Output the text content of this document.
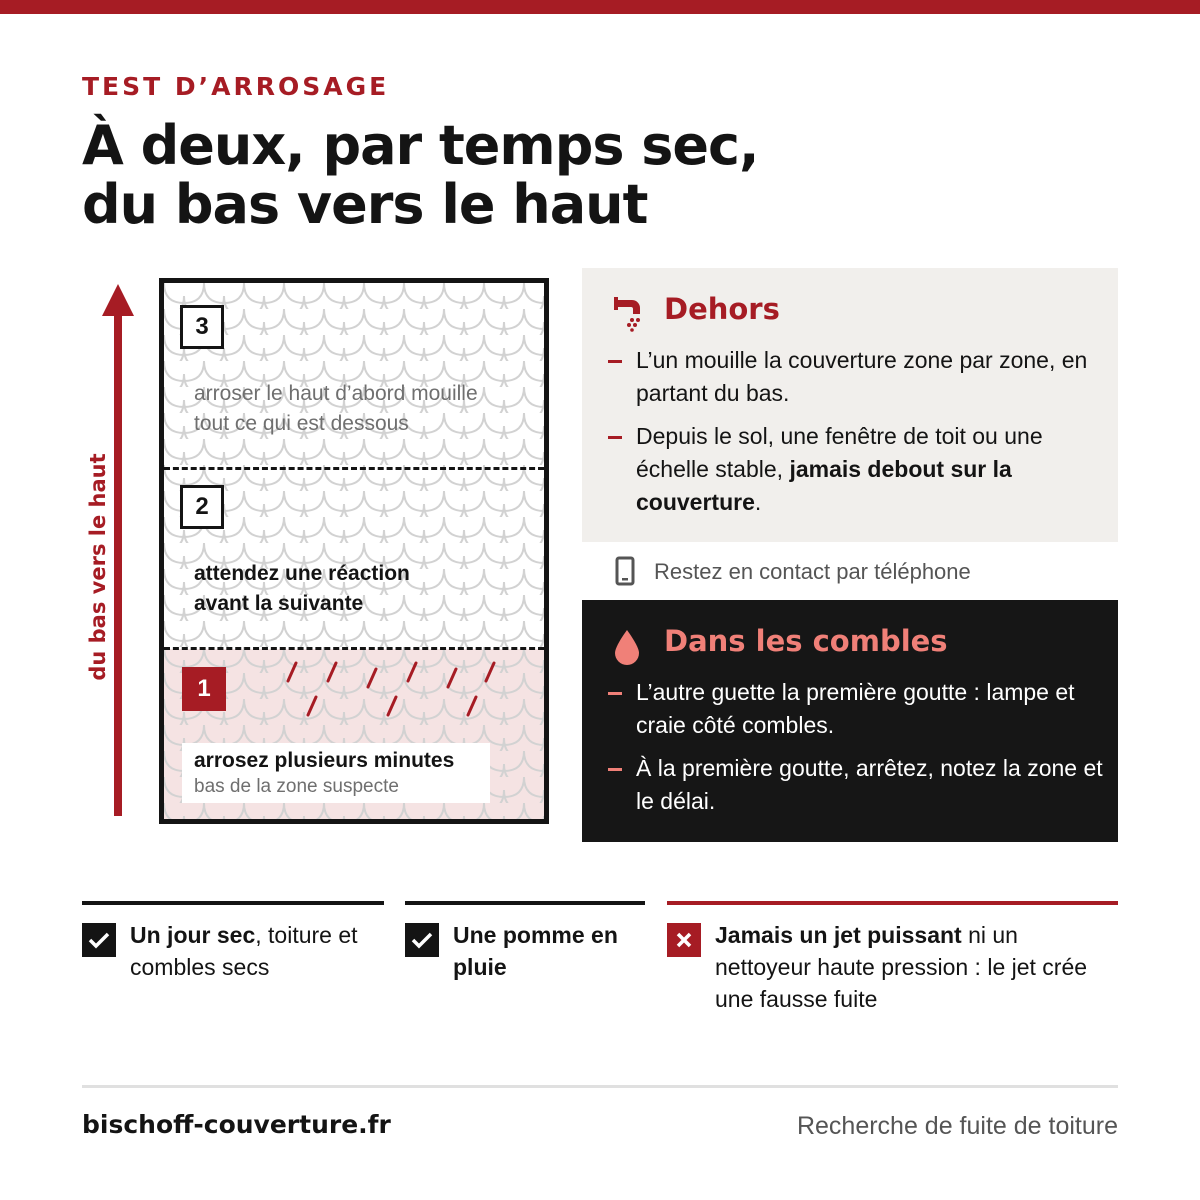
TEST D’ARROSAGE
À deux, par temps sec,
du bas vers le haut
du bas vers le haut
3
arroser le haut d’abord mouille
tout ce qui est dessous
2
attendez une réaction
avant la suivante
1
arrosez plusieurs minutes
bas de la zone suspecte
Dehors
L’un mouille la couverture zone par zone, en partant du bas.
Depuis le sol, une fenêtre de toit ou une échelle stable, jamais debout sur la couverture.
Restez en contact par téléphone
Dans les combles
L’autre guette la première goutte : lampe et craie côté combles.
À la première goutte, arrêtez, notez la zone et le délai.
Un jour sec, toiture et combles secs
Une pomme en pluie
Jamais un jet puissant ni un nettoyeur haute pression : le jet crée une fausse fuite
bischoff-couverture.fr	Recherche de fuite de toiture
